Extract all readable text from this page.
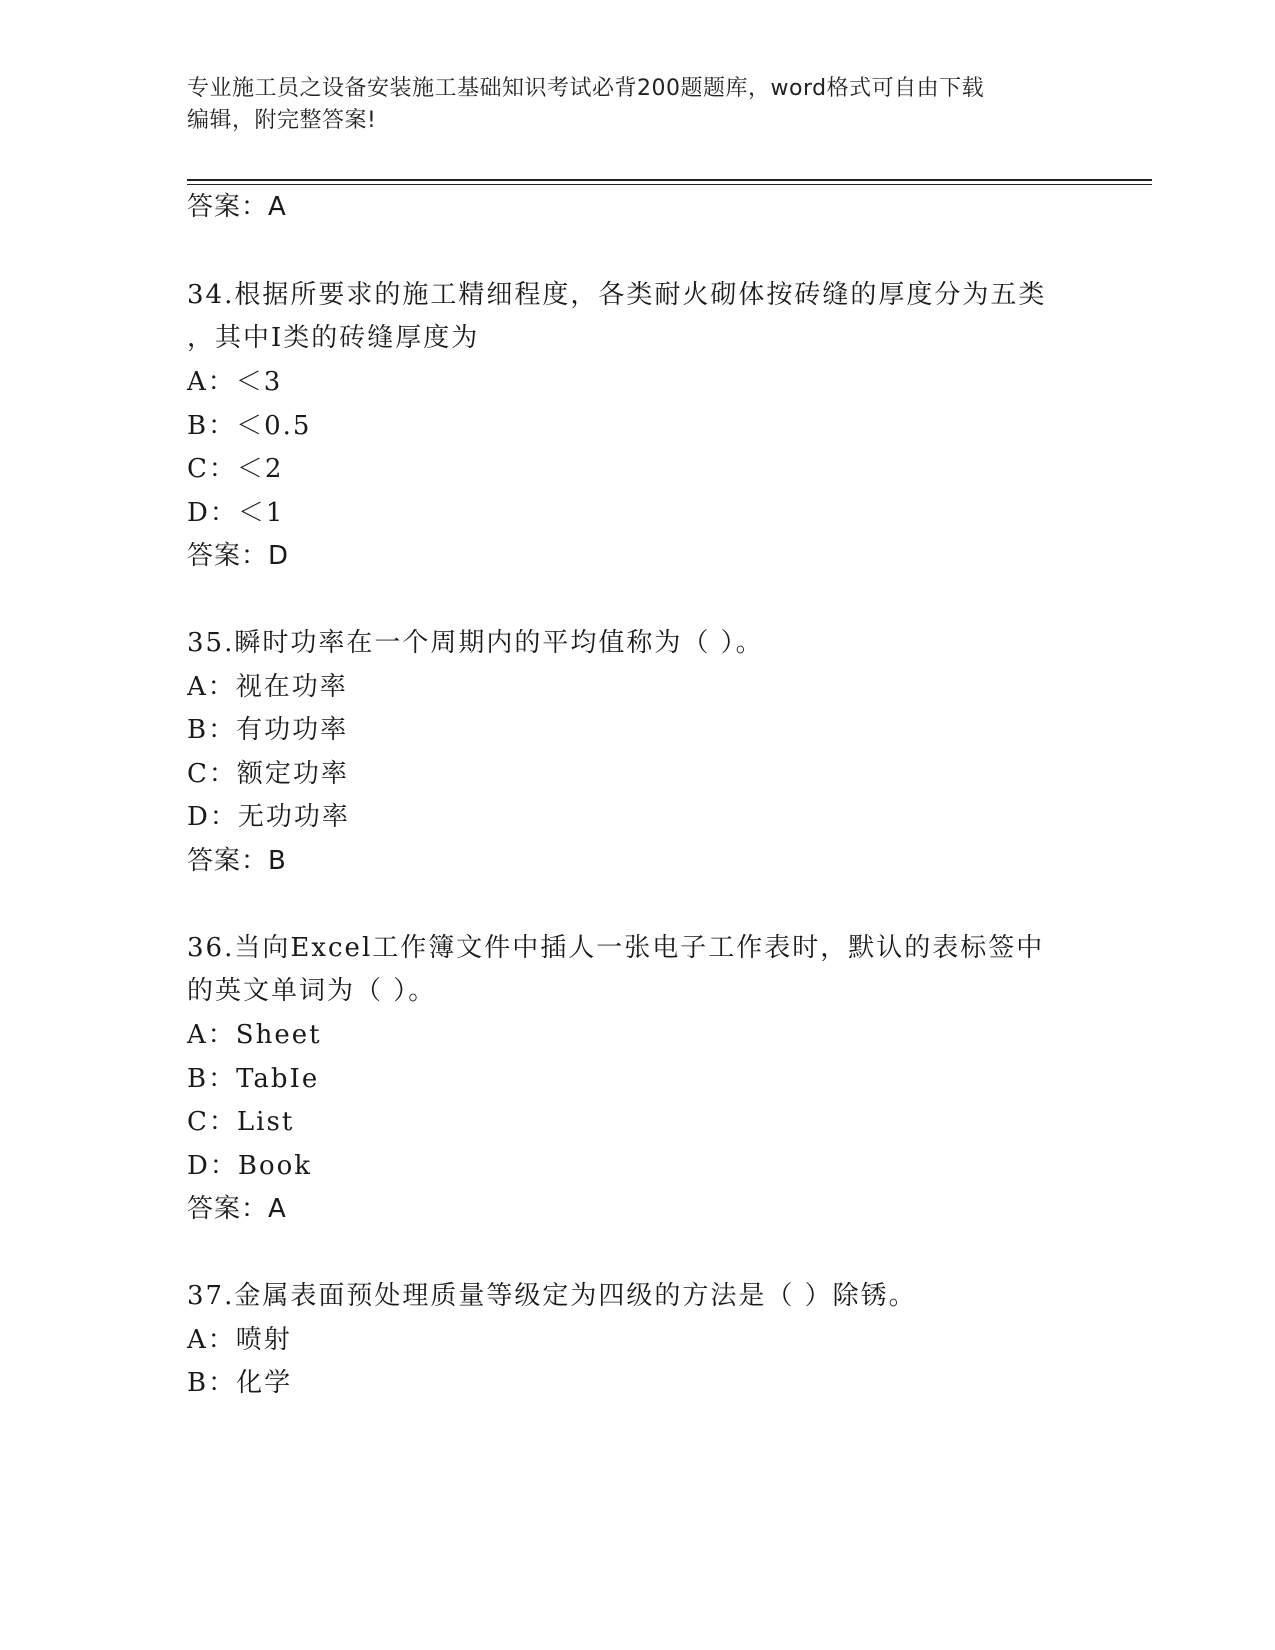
专业施工员之设备安装施工基础知识考试必背200题题库，word格式可自由下载
编辑，附完整答案!
答案：A
34.根据所要求的施工精细程度，各类耐火砌体按砖缝的厚度分为五类
，其中Ⅰ类的砖缝厚度为
A：＜3
B：＜0.5
C：＜2
D：＜1
答案：D
35.瞬时功率在一个周期内的平均值称为（ ）。
A：视在功率
B：有功功率
C：额定功率
D：无功功率
答案：B
36.当向Excel工作簿文件中插人一张电子工作表时，默认的表标签中
的英文单词为（ ）。
A：Sheet
B：TabIe
C：List
D：Book
答案：A
37.金属表面预处理质量等级定为四级的方法是（ ）除锈。
A：喷射
B：化学
